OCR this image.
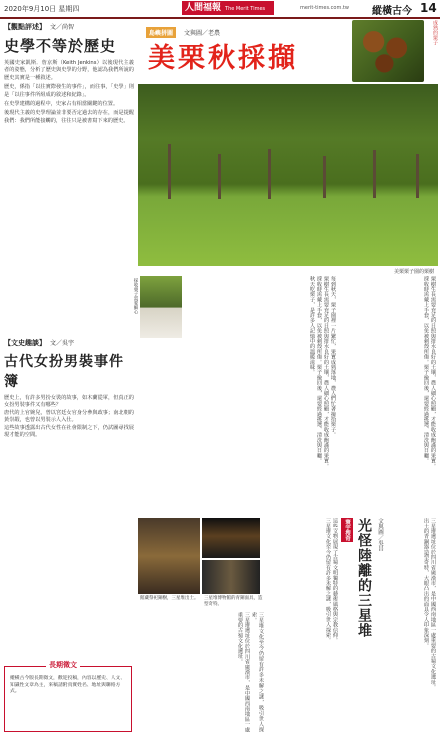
2020年9月10日 星期四	人間福報 The Merit Times	merit-times.com.tw 縱橫古今 14
【觀點評述】 文／尚智
史學不等於歷史

英國史家凱斯．詹京斯（Keith Jenkins）以後現代主義者的姿態，分析了歷史與史學的分野，他認為我們所說的歷史其實是一種敘述。

歷史，係指「以往實際發生的事件」，而往事，「史學」則是「以往事件所組成的敘述和紀錄」。

在史學建構的過程中，史家占有相當關鍵的位置。

後現代主義的史學理論並非要否定過去的存在，而是提醒我們：我們所能接觸的，往往只是被書寫下來的歷史。

島嶼拼圖	文與圖／老農
美栗秋採擷
成熟的栗子
美栗栗子園的栗樹
採收栗子需要細心	每到秋天，栗子園裡一片繁忙，果實成熟落地，農人們忙著撿拾栗子。

栗樹生長需要充足的日照與排水良好的土壤，農人細心照顧，才能收成飽滿的果實。

採收時需戴上手套，以免被刺殼所傷。栗子撿回後，還要經過挑選、清洗與日曬。

秋天吃栗子，是許多人記憶中的溫暖滋味。	栗樹生長需要充足的日照與排水良好的土壤，農人細心照顧，才能收成飽滿的果實。

採收時需戴上手套，以免被刺殼所傷。栗子撿回後，還要經過挑選、清洗與日曬。

【文史趣談】 文／吳宇
古代女扮男裝事件簿

歷史上，有許多男扮女裝的故事，如木蘭從軍，但真正的女扮男裝事件又有哪些？

唐代的上官婉兒，曾以宮廷女官身分參與政事；南北朝的黃崇嘏，也曾以男裝示人入仕。

這些故事透露出古代女性在社會限制之下，仍試圖尋找展現才能的空間。

寰宇搜奇 光怪陸離的三星堆 文與圖／吳昌	三星堆遺址位於四川省廣漢市，是中國西南地區一處重要的古蜀文化遺址。

出土的青銅器造型奇特，大眼凸出的面具令人印象深刻。

這些文物展現了古蜀文明獨特的藝術風格與宗教信仰。

三星堆文化至今仍留有許多未解之謎，吸引世人探索。

館藏祭祀銅樹，三星堆出土。	三星堆博物館的青銅面具，造型奇特。

三星堆文化至今仍留有許多未解之謎，吸引世人探索。

三星堆遺址位於四川省廣漢市，是中國西南地區一處重要的古蜀文化遺址。

長期徵文
縱橫古今版長期徵文，歡迎投稿，內容以歷史、人文、知識性文章為主，來稿請附真實姓名、地址與聯絡方式。
